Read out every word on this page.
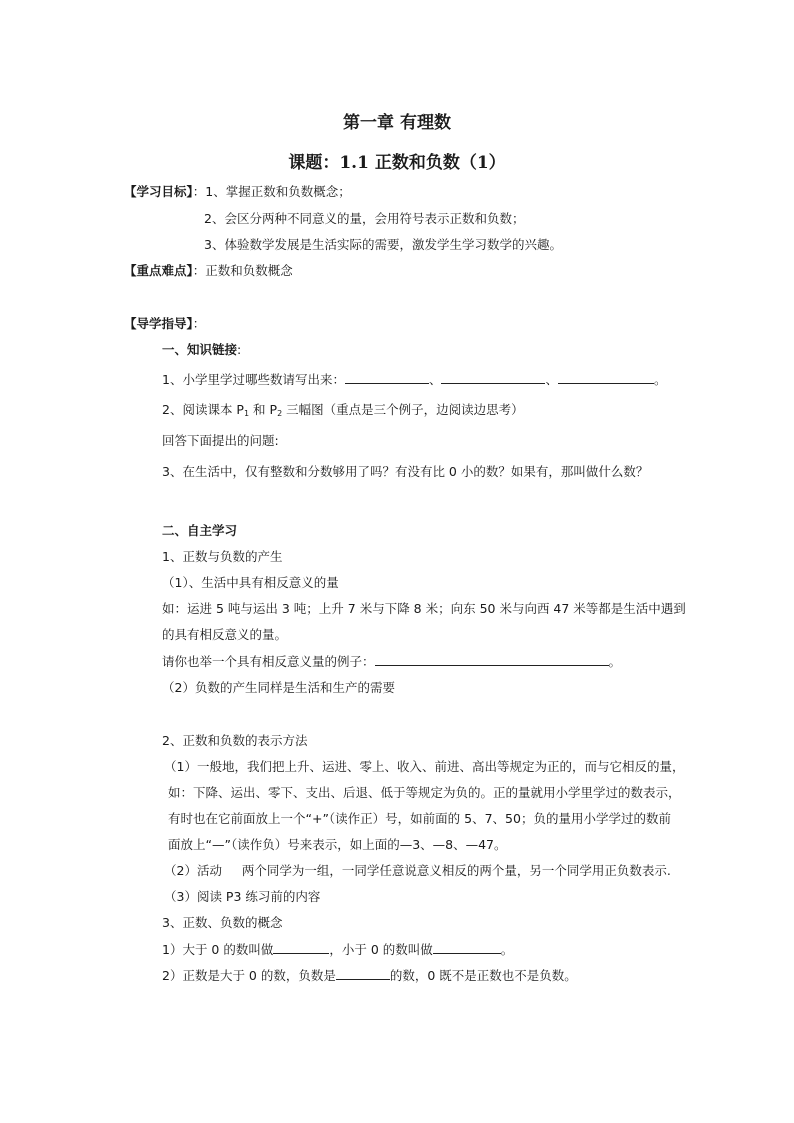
第一章 有理数
课题：1.1 正数和负数（1）
【学习目标】：1、掌握正数和负数概念；
2、会区分两种不同意义的量，会用符号表示正数和负数；
3、体验数学发展是生活实际的需要，激发学生学习数学的兴趣。
【重点难点】：正数和负数概念
【导学指导】：
一、知识链接:
1、小学里学过哪些数请写出来：	、	、	。
2、阅读课本 $P_1$ 和 $P_2$ 三幅图（重点是三个例子，边阅读边思考）
回答下面提出的问题:
3、在生活中，仅有整数和分数够用了吗？有没有比 0 小的数？如果有，那叫做什么数？
二、自主学习
1、正数与负数的产生
（1）、生活中具有相反意义的量
如：运进 5 吨与运出 3 吨；上升 7 米与下降 8 米；向东 50 米与向西 47 米等都是生活中遇到
的具有相反意义的量。
请你也举一个具有相反意义量的例子：	。
（2）负数的产生同样是生活和生产的需要
2、正数和负数的表示方法
（1）一般地，我们把上升、运进、零上、收入、前进、高出等规定为正的，而与它相反的量，
如：下降、运出、零下、支出、后退、低于等规定为负的。正的量就用小学里学过的数表示，
有时也在它前面放上一个“+”（读作正）号，如前面的 5、7、50；负的量用小学学过的数前
面放上“—”（读作负）号来表示，如上面的—3、—8、—47。
（2）活动     两个同学为一组，一同学任意说意义相反的两个量，另一个同学用正负数表示.
（3）阅读 P3 练习前的内容
3、正数、负数的概念
1）大于 0 的数叫做	，小于 0 的数叫做	。
2）正数是大于 0 的数，负数是	的数，0 既不是正数也不是负数。
